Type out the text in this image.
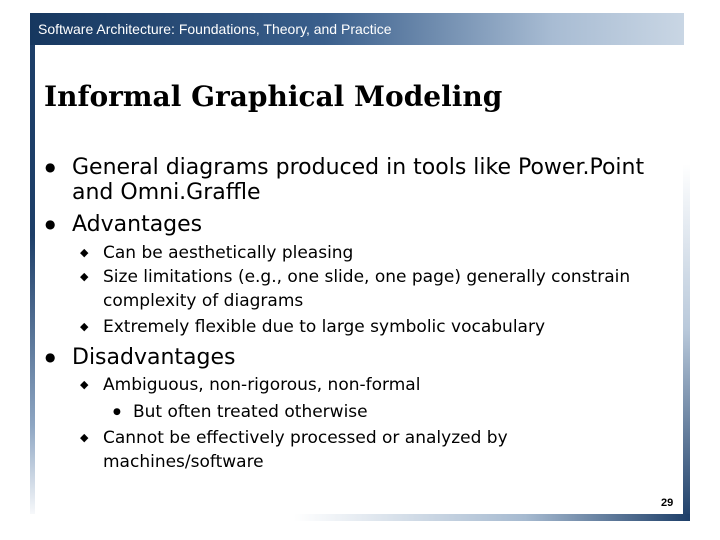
Software Architecture: Foundations, Theory, and Practice
Informal Graphical Modeling
● General diagrams produced in tools like Power.Point and Omni.Graffle
● Advantages
◆ Can be aesthetically pleasing
◆ Size limitations (e.g., one slide, one page) generally constrain complexity of diagrams
◆ Extremely flexible due to large symbolic vocabulary
● Disadvantages
◆ Ambiguous, non-rigorous, non-formal
● But often treated otherwise
◆ Cannot be effectively processed or analyzed by machines/software
29
